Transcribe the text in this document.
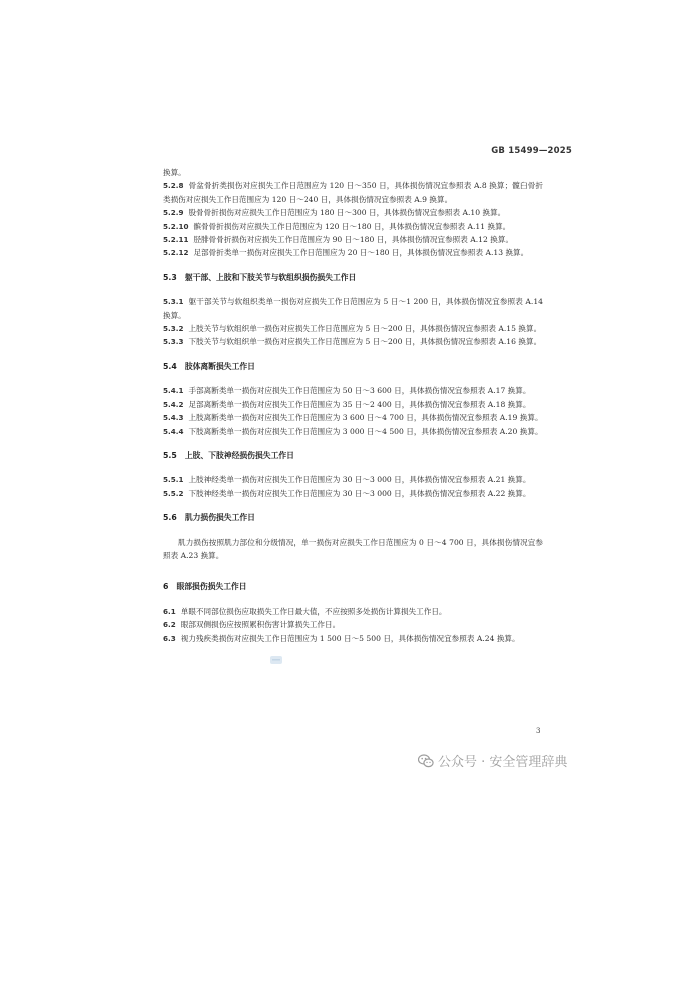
GB 15499—2025

换算。

5.2.8 骨盆骨折类损伤对应损失工作日范围应为 120 日～350 日，具体损伤情况宜参照表 A.8 换算；髋臼骨折类损伤对应损失工作日范围应为 120 日～240 日，具体损伤情况宜参照表 A.9 换算。

5.2.9 股骨骨折损伤对应损失工作日范围应为 180 日～300 日，具体损伤情况宜参照表 A.10 换算。

5.2.10 髌骨骨折损伤对应损失工作日范围应为 120 日～180 日，具体损伤情况宜参照表 A.11 换算。

5.2.11 胫腓骨骨折损伤对应损失工作日范围应为 90 日～180 日，具体损伤情况宜参照表 A.12 换算。

5.2.12 足部骨折类单一损伤对应损失工作日范围应为 20 日～180 日，具体损伤情况宜参照表 A.13 换算。

5.3 躯干部、上肢和下肢关节与软组织损伤损失工作日

5.3.1 躯干部关节与软组织类单一损伤对应损失工作日范围应为 5 日～1 200 日，具体损伤情况宜参照表 A.14 换算。

5.3.2 上肢关节与软组织单一损伤对应损失工作日范围应为 5 日～200 日，具体损伤情况宜参照表 A.15 换算。

5.3.3 下肢关节与软组织单一损伤对应损失工作日范围应为 5 日～200 日，具体损伤情况宜参照表 A.16 换算。

5.4 肢体离断损失工作日

5.4.1 手部离断类单一损伤对应损失工作日范围应为 50 日～3 600 日，具体损伤情况宜参照表 A.17 换算。

5.4.2 足部离断类单一损伤对应损失工作日范围应为 35 日～2 400 日，具体损伤情况宜参照表 A.18 换算。

5.4.3 上肢离断类单一损伤对应损失工作日范围应为 3 600 日～4 700 日，具体损伤情况宜参照表 A.19 换算。

5.4.4 下肢离断类单一损伤对应损失工作日范围应为 3 000 日～4 500 日，具体损伤情况宜参照表 A.20 换算。

5.5 上肢、下肢神经损伤损失工作日

5.5.1 上肢神经类单一损伤对应损失工作日范围应为 30 日～3 000 日，具体损伤情况宜参照表 A.21 换算。

5.5.2 下肢神经类单一损伤对应损失工作日范围应为 30 日～3 000 日，具体损伤情况宜参照表 A.22 换算。

5.6 肌力损伤损失工作日

肌力损伤按照肌力部位和分级情况，单一损伤对应损失工作日范围应为 0 日～4 700 日，具体损伤情况宜参照表 A.23 换算。

6 眼部损伤损失工作日

6.1 单眼不同部位损伤应取损失工作日最大值，不应按照多处损伤计算损失工作日。

6.2 眼部双侧损伤应按照累积伤害计算损失工作日。

6.3 视力残疾类损伤对应损失工作日范围应为 1 500 日～5 500 日，具体损伤情况宜参照表 A.24 换算。

3
公众号 · 安全管理辞典
